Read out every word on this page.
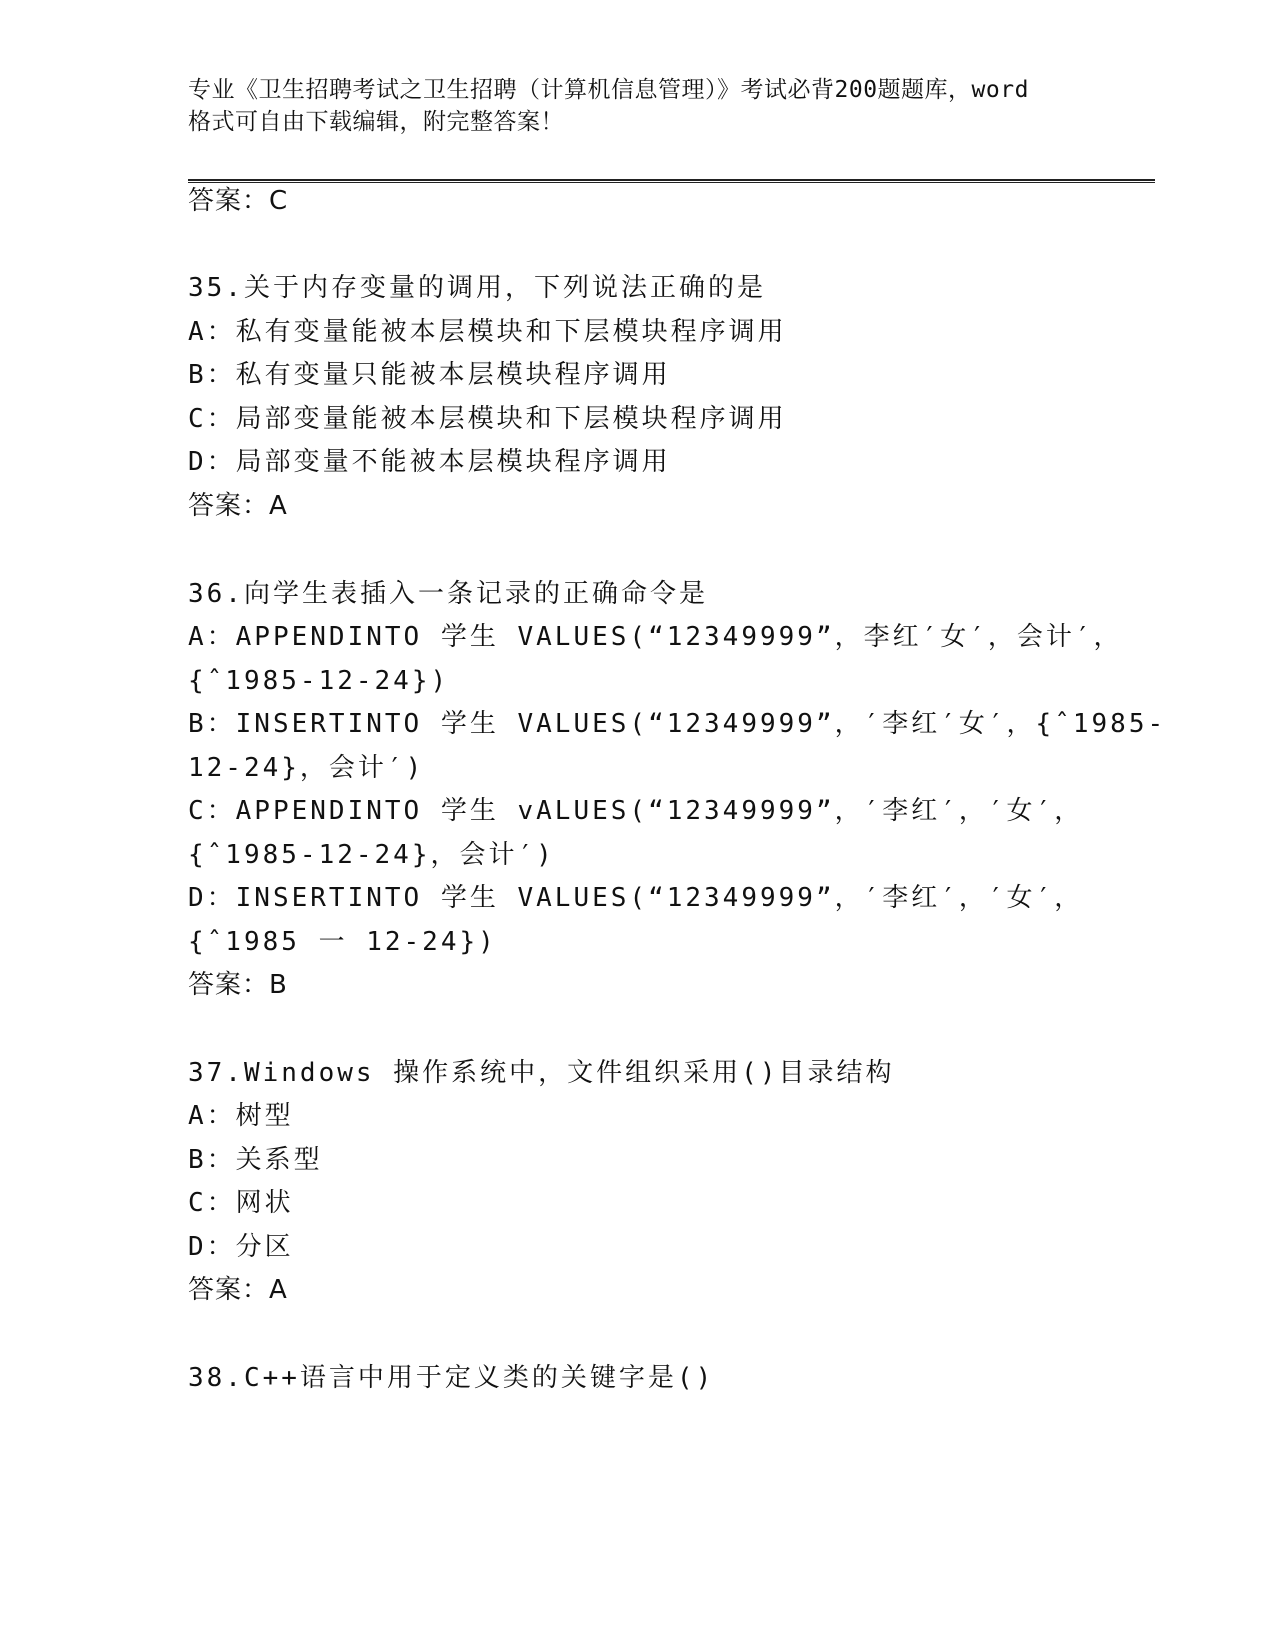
专业《卫生招聘考试之卫生招聘（计算机信息管理）》考试必背200题题库，word
格式可自由下载编辑，附完整答案！
答案：C
35.关于内存变量的调用，下列说法正确的是
A：私有变量能被本层模块和下层模块程序调用
B：私有变量只能被本层模块程序调用
C：局部变量能被本层模块和下层模块程序调用
D：局部变量不能被本层模块程序调用
答案：A
36.向学生表插入一条记录的正确命令是
A：APPENDINTO 学生 VALUES(“12349999”，李红′女′，会计′，
{ˆ1985-12-24})
B：INSERTINTO 学生 VALUES(“12349999”，′李红′女′，{ˆ1985-
12-24}，会计′)
C：APPENDINTO 学生 vALUES(“12349999”，′李红′，′女′，
{ˆ1985-12-24}，会计′)
D：INSERTINTO 学生 VALUES(“12349999”，′李红′，′女′，
{ˆ1985 一 12-24})
答案：B
37.Windows 操作系统中，文件组织采用()目录结构
A：树型
B：关系型
C：网状
D：分区
答案：A
38.C++语言中用于定义类的关键字是()
